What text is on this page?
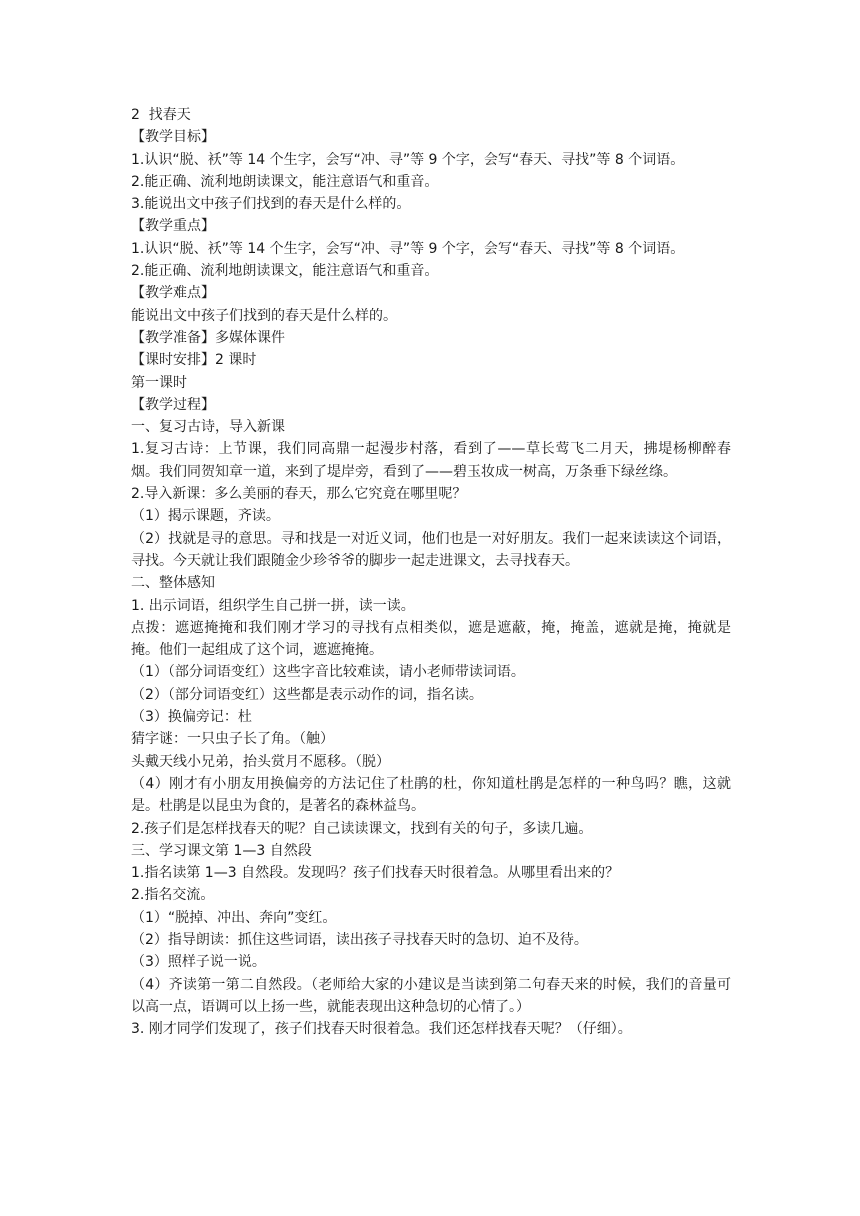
2  找春天

【教学目标】

1.认识“脱、袄”等 14 个生字，会写“冲、寻”等 9 个字，会写“春天、寻找”等 8 个词语。

2.能正确、流利地朗读课文，能注意语气和重音。

3.能说出文中孩子们找到的春天是什么样的。

【教学重点】

1.认识“脱、袄”等 14 个生字，会写“冲、寻”等 9 个字，会写“春天、寻找”等 8 个词语。

2.能正确、流利地朗读课文，能注意语气和重音。

【教学难点】

能说出文中孩子们找到的春天是什么样的。

【教学准备】多媒体课件

【课时安排】2 课时

第一课时

【教学过程】

一、复习古诗，导入新课

1.复习古诗：上节课，我们同高鼎一起漫步村落，看到了——草长莺飞二月天，拂堤杨柳醉春烟。我们同贺知章一道，来到了堤岸旁，看到了——碧玉妆成一树高，万条垂下绿丝绦。

2.导入新课：多么美丽的春天，那么它究竟在哪里呢？

（1）揭示课题，齐读。

（2）找就是寻的意思。寻和找是一对近义词，他们也是一对好朋友。我们一起来读读这个词语，寻找。今天就让我们跟随金少珍爷爷的脚步一起走进课文，去寻找春天。

二、整体感知

1. 出示词语，组织学生自己拼一拼，读一读。

点拨：遮遮掩掩和我们刚才学习的寻找有点相类似，遮是遮蔽，掩，掩盖，遮就是掩，掩就是掩。他们一起组成了这个词，遮遮掩掩。

（1）（部分词语变红）这些字音比较难读，请小老师带读词语。

（2）（部分词语变红）这些都是表示动作的词，指名读。

（3）换偏旁记：杜

猜字谜：一只虫子长了角。（触）

头戴天线小兄弟，抬头赏月不愿移。（脱）

（4）刚才有小朋友用换偏旁的方法记住了杜鹃的杜，你知道杜鹃是怎样的一种鸟吗？瞧，这就是。杜鹃是以昆虫为食的，是著名的森林益鸟。

2.孩子们是怎样找春天的呢？自己读读课文，找到有关的句子，多读几遍。

三、学习课文第 1—3 自然段

1.指名读第 1—3 自然段。发现吗？孩子们找春天时很着急。从哪里看出来的？

2.指名交流。

（1）“脱掉、冲出、奔向”变红。

（2）指导朗读：抓住这些词语，读出孩子寻找春天时的急切、迫不及待。

（3）照样子说一说。

（4）齐读第一第二自然段。（老师给大家的小建议是当读到第二句春天来的时候，我们的音量可以高一点，语调可以上扬一些，就能表现出这种急切的心情了。）

3. 刚才同学们发现了，孩子们找春天时很着急。我们还怎样找春天呢？（仔细）。
